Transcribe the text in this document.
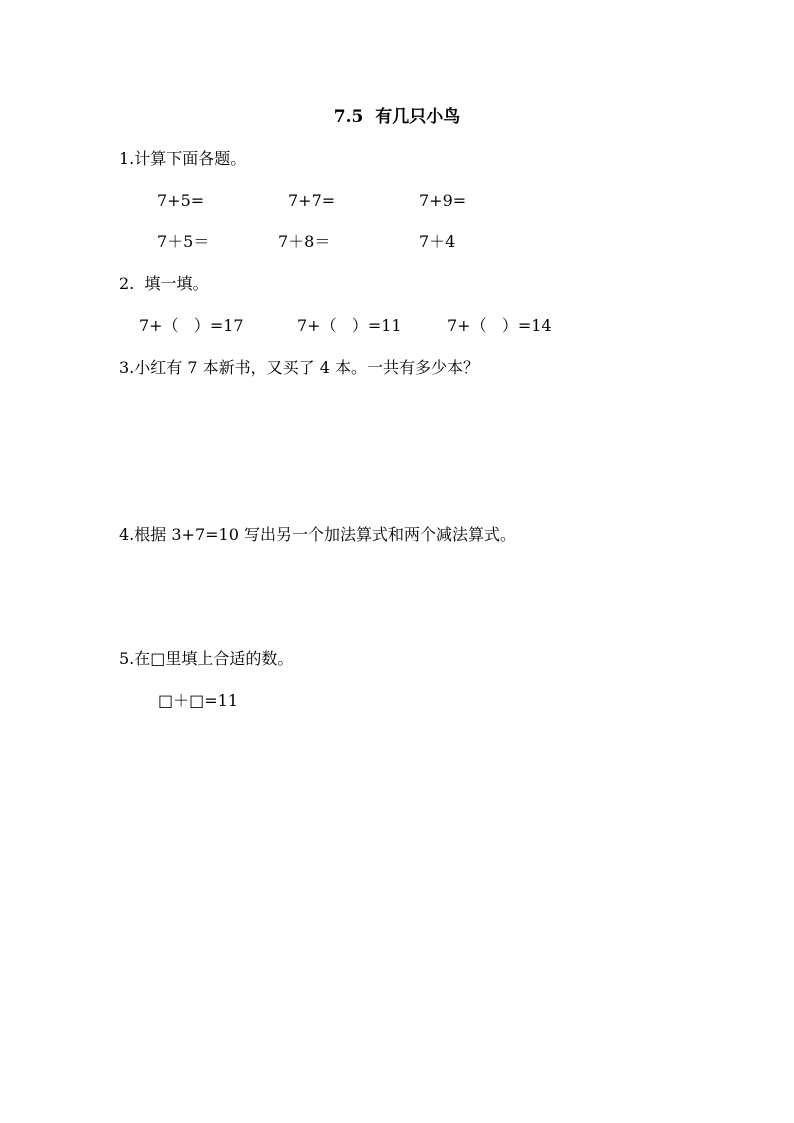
7.5  有几只小鸟
1.计算下面各题。
7+5=	7+7=	7+9=
7＋5＝	7＋8＝	7＋4
2.  填一填。
7+（   ）=17	7+（   ）=11	7+（   ）=14
3.小红有 7 本新书，又买了 4 本。一共有多少本？
4.根据 3+7=10 写出另一个加法算式和两个减法算式。
5.在□里填上合适的数。
□＋□=11
